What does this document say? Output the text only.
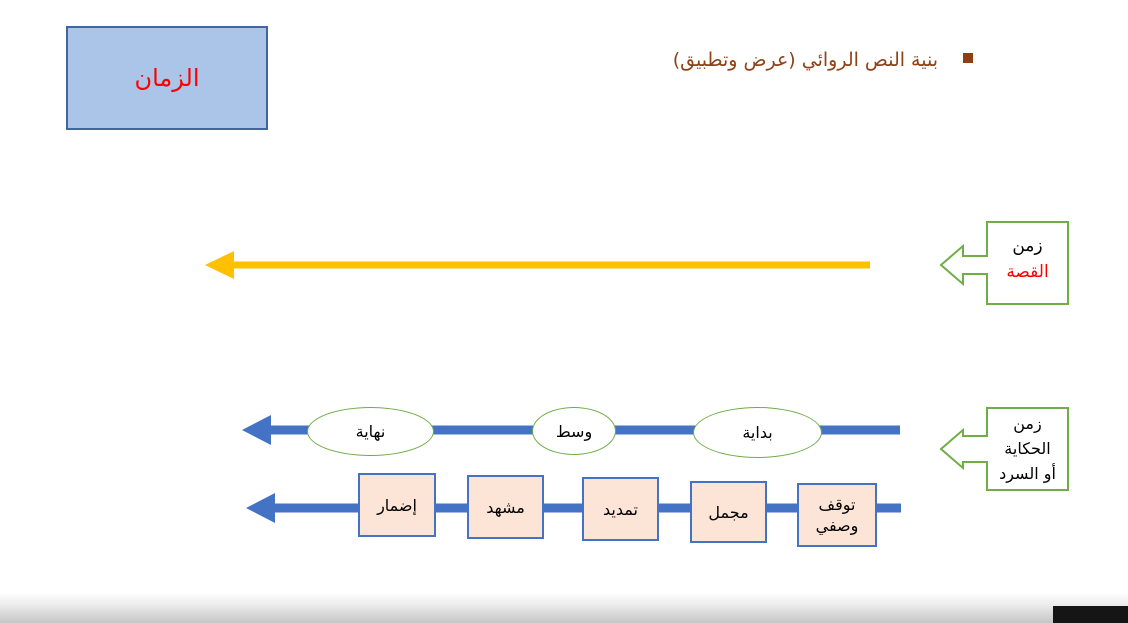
بنية النص الروائي (عرض وتطبيق)
الزمان
زمن
القصة
زمن
الحكاية
أو السرد
نهاية	وسط	بداية
إضمار	مشهد	تمديد	مجمل	توقف وصفي
